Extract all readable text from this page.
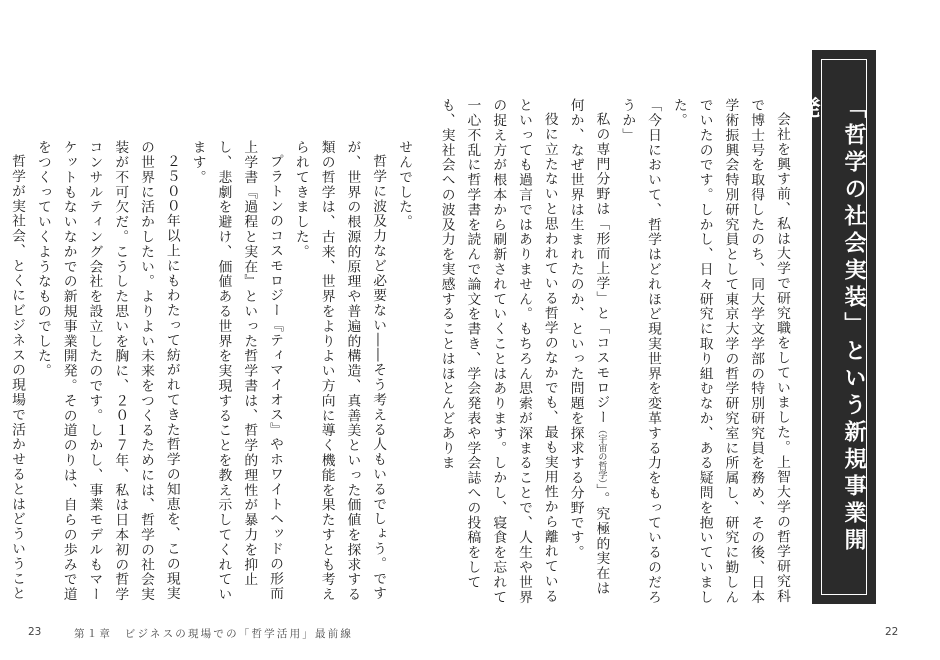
「哲学の社会実装」という新規事業開発

会社を興す前、私は大学で研究職をしていました。上智大学の哲学研究科で博士号を取得したのち、同大学文学部の特別研究員を務め、その後、日本学術振興会特別研究員として東京大学の哲学研究室に所属し、研究に勤しんでいたのです。しかし、日々研究に取り組むなか、ある疑問を抱いていました。

「今日において、哲学はどれほど現実世界を変革する力をもっているのだろうか」

私の専門分野は「形而上学」と「コスモロジー（宇宙の哲学）」。究極的実在は何か、なぜ世界は生まれたのか、といった問題を探求する分野です。

役に立たないと思われている哲学のなかでも、最も実用性から離れているといっても過言ではありません。もちろん思索が深まることで、人生や世界の捉え方が根本から刷新されていくことはあります。しかし、寝食を忘れて一心不乱に哲学書を読んで論文を書き、学会発表や学会誌への投稿をしても、実社会への波及力を実感することはほとんどありま

せんでした。

哲学に波及力など必要ない――そう考える人もいるでしょう。ですが、世界の根源的原理や普遍的構造、真善美といった価値を探求する類の哲学は、古来、世界をよりよい方向に導く機能を果たすとも考えられてきました。

プラトンのコスモロジー『ティマイオス』やホワイトヘッドの形而上学書『過程と実在』といった哲学書は、哲学的理性が暴力を抑止し、悲劇を避け、価値ある世界を実現することを教え示してくれています。

２５００年以上にもわたって紡がれてきた哲学の知恵を、この現実の世界に活かしたい。よりよい未来をつくるためには、哲学の社会実装が不可欠だ。こうした思いを胸に、２０１７年、私は日本初の哲学コンサルティング会社を設立したのです。しかし、事業モデルもマーケットもないなかでの新規事業開発。その道のりは、自らの歩みで道をつくっていくようなものでした。

哲学が実社会、とくにビジネスの現場で活かせるとはどういうこと

23	第１章　ビジネスの現場での「哲学活用」最前線	22
